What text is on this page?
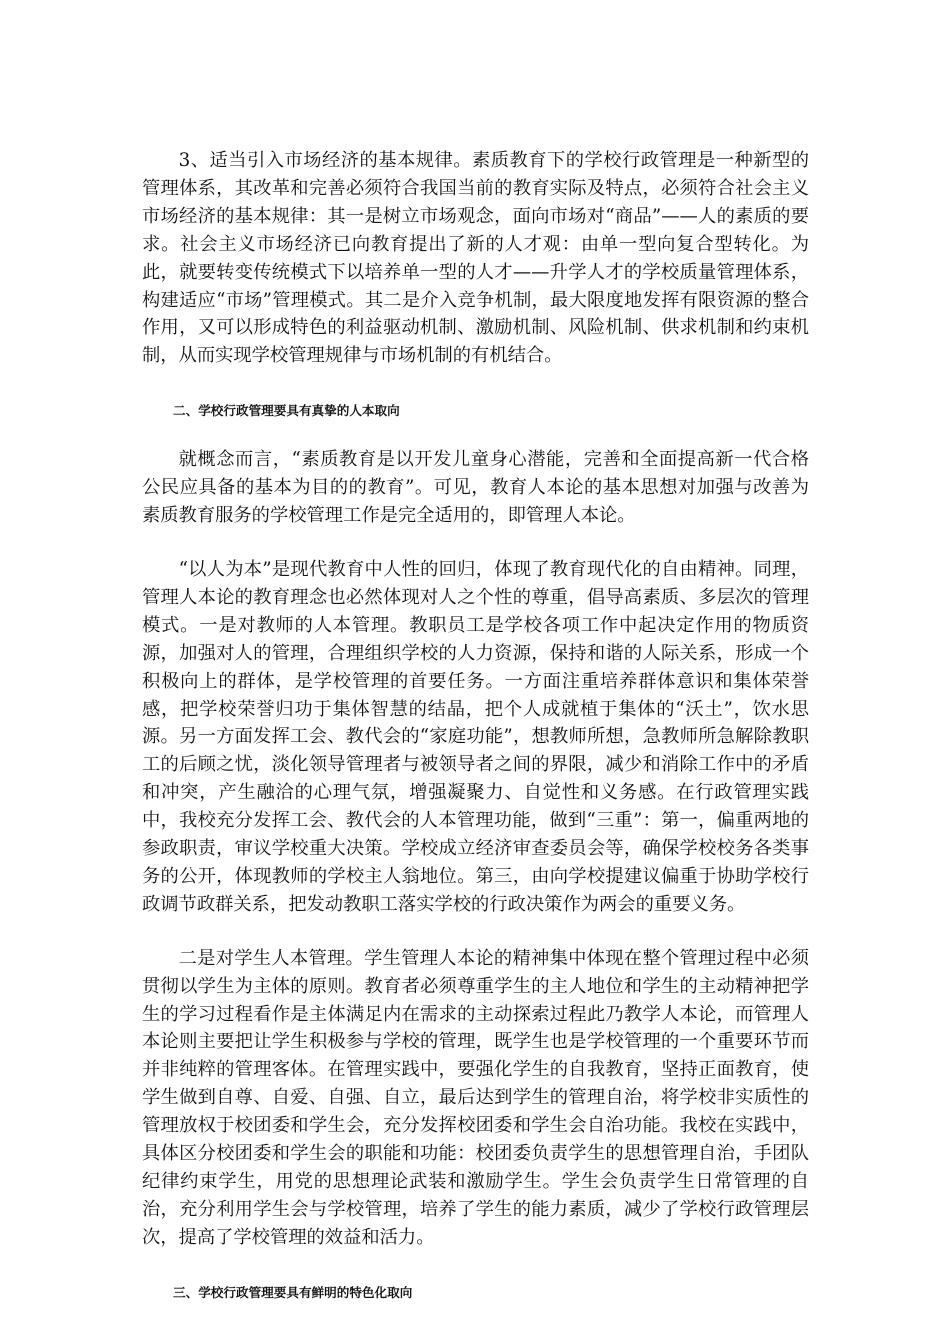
3、适当引入市场经济的基本规律。素质教育下的学校行政管理是一种新型的管理体系，其改革和完善必须符合我国当前的教育实际及特点，必须符合社会主义市场经济的基本规律：其一是树立市场观念，面向市场对“商品”——人的素质的要求。社会主义市场经济已向教育提出了新的人才观：由单一型向复合型转化。为此，就要转变传统模式下以培养单一型的人才——升学人才的学校质量管理体系，构建适应“市场”管理模式。其二是介入竞争机制，最大限度地发挥有限资源的整合作用，又可以形成特色的利益驱动机制、激励机制、风险机制、供求机制和约束机制，从而实现学校管理规律与市场机制的有机结合。

二、学校行政管理要具有真挚的人本取向

就概念而言，“素质教育是以开发儿童身心潜能，完善和全面提高新一代合格公民应具备的基本为目的的教育”。可见，教育人本论的基本思想对加强与改善为素质教育服务的学校管理工作是完全适用的，即管理人本论。

“以人为本”是现代教育中人性的回归，体现了教育现代化的自由精神。同理，管理人本论的教育理念也必然体现对人之个性的尊重，倡导高素质、多层次的管理模式。一是对教师的人本管理。教职员工是学校各项工作中起决定作用的物质资源，加强对人的管理，合理组织学校的人力资源，保持和谐的人际关系，形成一个积极向上的群体，是学校管理的首要任务。一方面注重培养群体意识和集体荣誉感，把学校荣誉归功于集体智慧的结晶，把个人成就植于集体的“沃土”，饮水思源。另一方面发挥工会、教代会的“家庭功能”，想教师所想，急教师所急解除教职工的后顾之忧，淡化领导管理者与被领导者之间的界限，减少和消除工作中的矛盾和冲突，产生融洽的心理气氛，增强凝聚力、自觉性和义务感。在行政管理实践中，我校充分发挥工会、教代会的人本管理功能，做到“三重”：第一，偏重两地的参政职责，审议学校重大决策。学校成立经济审查委员会等，确保学校校务各类事务的公开，体现教师的学校主人翁地位。第三，由向学校提建议偏重于协助学校行政调节政群关系，把发动教职工落实学校的行政决策作为两会的重要义务。

二是对学生人本管理。学生管理人本论的精神集中体现在整个管理过程中必须贯彻以学生为主体的原则。教育者必须尊重学生的主人地位和学生的主动精神把学生的学习过程看作是主体满足内在需求的主动探索过程此乃教学人本论，而管理人本论则主要把让学生积极参与学校的管理，既学生也是学校管理的一个重要环节而并非纯粹的管理客体。在管理实践中，要强化学生的自我教育，坚持正面教育，使学生做到自尊、自爱、自强、自立，最后达到学生的管理自治，将学校非实质性的管理放权于校团委和学生会，充分发挥校团委和学生会自治功能。我校在实践中，具体区分校团委和学生会的职能和功能：校团委负责学生的思想管理自治，手团队纪律约束学生，用党的思想理论武装和激励学生。学生会负责学生日常管理的自治，充分利用学生会与学校管理，培养了学生的能力素质，减少了学校行政管理层次，提高了学校管理的效益和活力。

三、学校行政管理要具有鲜明的特色化取向
